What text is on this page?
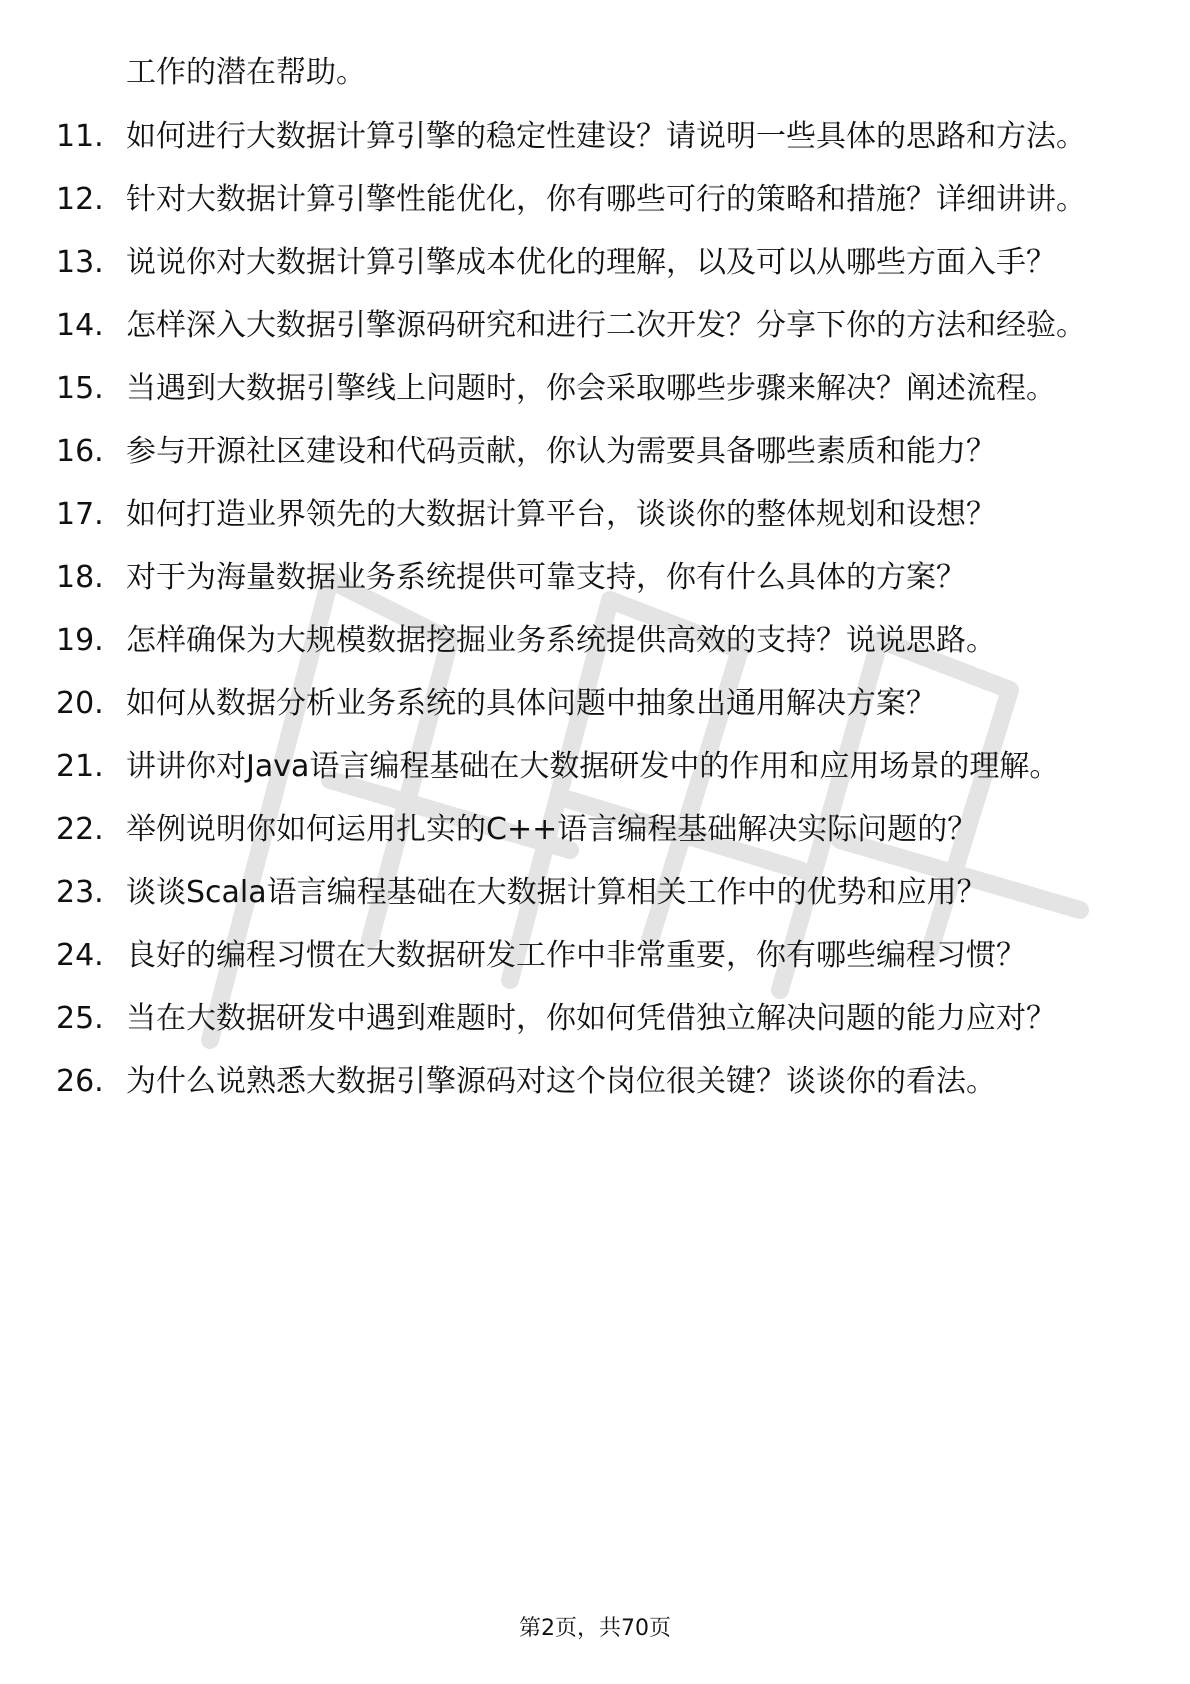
工作的潜在帮助。
11. 如何进行大数据计算引擎的稳定性建设？请说明一些具体的思路和方法。
12. 针对大数据计算引擎性能优化，你有哪些可行的策略和措施？详细讲讲。
13. 说说你对大数据计算引擎成本优化的理解，以及可以从哪些方面入手？
14. 怎样深入大数据引擎源码研究和进行二次开发？分享下你的方法和经验。
15. 当遇到大数据引擎线上问题时，你会采取哪些步骤来解决？阐述流程。
16. 参与开源社区建设和代码贡献，你认为需要具备哪些素质和能力？
17. 如何打造业界领先的大数据计算平台，谈谈你的整体规划和设想？
18. 对于为海量数据业务系统提供可靠支持，你有什么具体的方案？
19. 怎样确保为大规模数据挖掘业务系统提供高效的支持？说说思路。
20. 如何从数据分析业务系统的具体问题中抽象出通用解决方案？
21. 讲讲你对Java语言编程基础在大数据研发中的作用和应用场景的理解。
22. 举例说明你如何运用扎实的C++语言编程基础解决实际问题的？
23. 谈谈Scala语言编程基础在大数据计算相关工作中的优势和应用？
24. 良好的编程习惯在大数据研发工作中非常重要，你有哪些编程习惯？
25. 当在大数据研发中遇到难题时，你如何凭借独立解决问题的能力应对？
26. 为什么说熟悉大数据引擎源码对这个岗位很关键？谈谈你的看法。
第2页，共70页
